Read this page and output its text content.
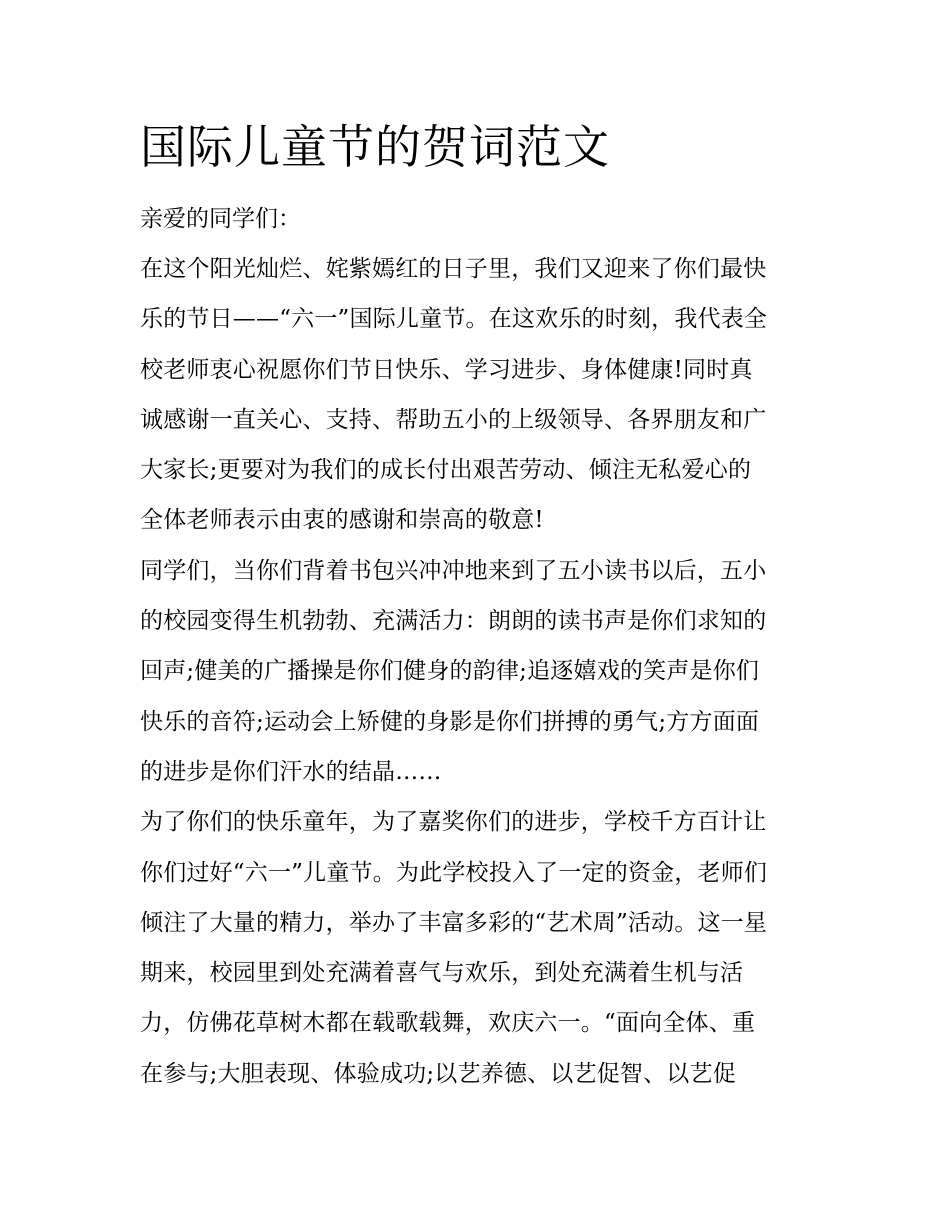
国际儿童节的贺词范文

亲爱的同学们：

在这个阳光灿烂、姹紫嫣红的日子里，我们又迎来了你们最快
乐的节日——“六一”国际儿童节。在这欢乐的时刻，我代表全
校老师衷心祝愿你们节日快乐、学习进步、身体健康!同时真
诚感谢一直关心、支持、帮助五小的上级领导、各界朋友和广
大家长;更要对为我们的成长付出艰苦劳动、倾注无私爱心的
全体老师表示由衷的感谢和崇高的敬意!

同学们，当你们背着书包兴冲冲地来到了五小读书以后，五小
的校园变得生机勃勃、充满活力：朗朗的读书声是你们求知的
回声;健美的广播操是你们健身的韵律;追逐嬉戏的笑声是你们
快乐的音符;运动会上矫健的身影是你们拼搏的勇气;方方面面
的进步是你们汗水的结晶……

为了你们的快乐童年，为了嘉奖你们的进步，学校千方百计让
你们过好“六一”儿童节。为此学校投入了一定的资金，老师们
倾注了大量的精力，举办了丰富多彩的“艺术周”活动。这一星
期来，校园里到处充满着喜气与欢乐，到处充满着生机与活
力，仿佛花草树木都在载歌载舞，欢庆六一。“面向全体、重
在参与;大胆表现、体验成功;以艺养德、以艺促智、以艺促
